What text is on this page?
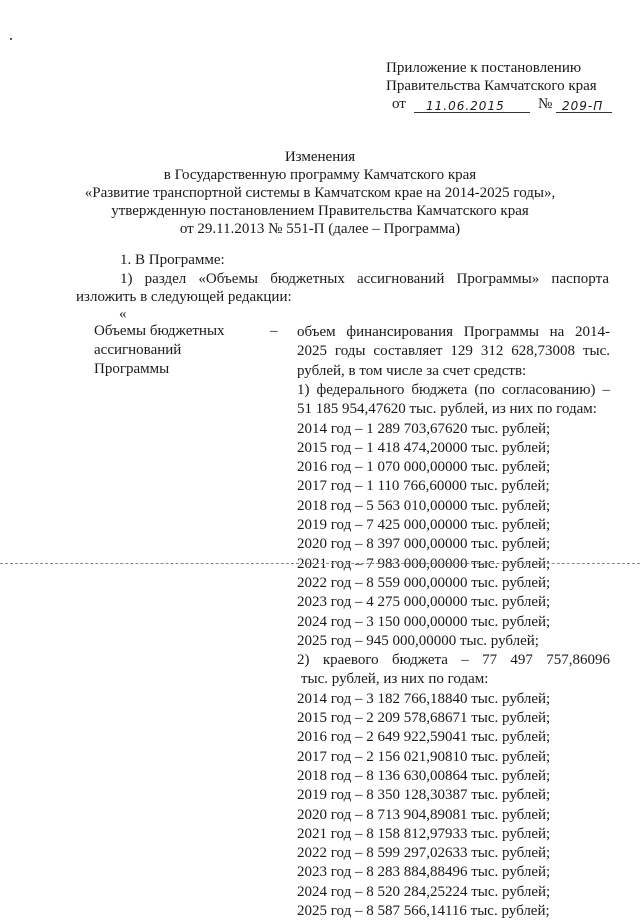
Приложение к постановлению
Правительства Камчатского края
от 11.06.2015 № 209-П
Изменения
в Государственную программу Камчатского края
«Развитие транспортной системы в Камчатском крае на 2014-2025 годы»,
утвержденную постановлением Правительства Камчатского края
от 29.11.2013 № 551-П (далее – Программа)
1. В Программе:
1) раздел «Объемы бюджетных ассигнований Программы» паспорта
изложить в следующей редакции:
«
Объемы бюджетных
ассигнований
Программы
– объем финансирования Программы на 2014-
2025 годы составляет 129 312 628,73008 тыс.
рублей, в том числе за счет средств:
1) федерального бюджета (по согласованию) –
51 185 954,47620 тыс. рублей, из них по годам:
2014 год – 1 289 703,67620 тыс. рублей;
2015 год – 1 418 474,20000 тыс. рублей;
2016 год – 1 070 000,00000 тыс. рублей;
2017 год – 1 110 766,60000 тыс. рублей;
2018 год – 5 563 010,00000 тыс. рублей;
2019 год – 7 425 000,00000 тыс. рублей;
2020 год – 8 397 000,00000 тыс. рублей;
2021 год – 7 983 000,00000 тыс. рублей;
2022 год – 8 559 000,00000 тыс. рублей;
2023 год – 4 275 000,00000 тыс. рублей;
2024 год – 3 150 000,00000 тыс. рублей;
2025 год – 945 000,00000 тыс. рублей;
2) краевого бюджета – 77 497 757,86096
тыс. рублей, из них по годам:
2014 год – 3 182 766,18840 тыс. рублей;
2015 год – 2 209 578,68671 тыс. рублей;
2016 год – 2 649 922,59041 тыс. рублей;
2017 год – 2 156 021,90810 тыс. рублей;
2018 год – 8 136 630,00864 тыс. рублей;
2019 год – 8 350 128,30387 тыс. рублей;
2020 год – 8 713 904,89081 тыс. рублей;
2021 год – 8 158 812,97933 тыс. рублей;
2022 год – 8 599 297,02633 тыс. рублей;
2023 год – 8 283 884,88496 тыс. рублей;
2024 год – 8 520 284,25224 тыс. рублей;
2025 год – 8 587 566,14116 тыс. рублей;
